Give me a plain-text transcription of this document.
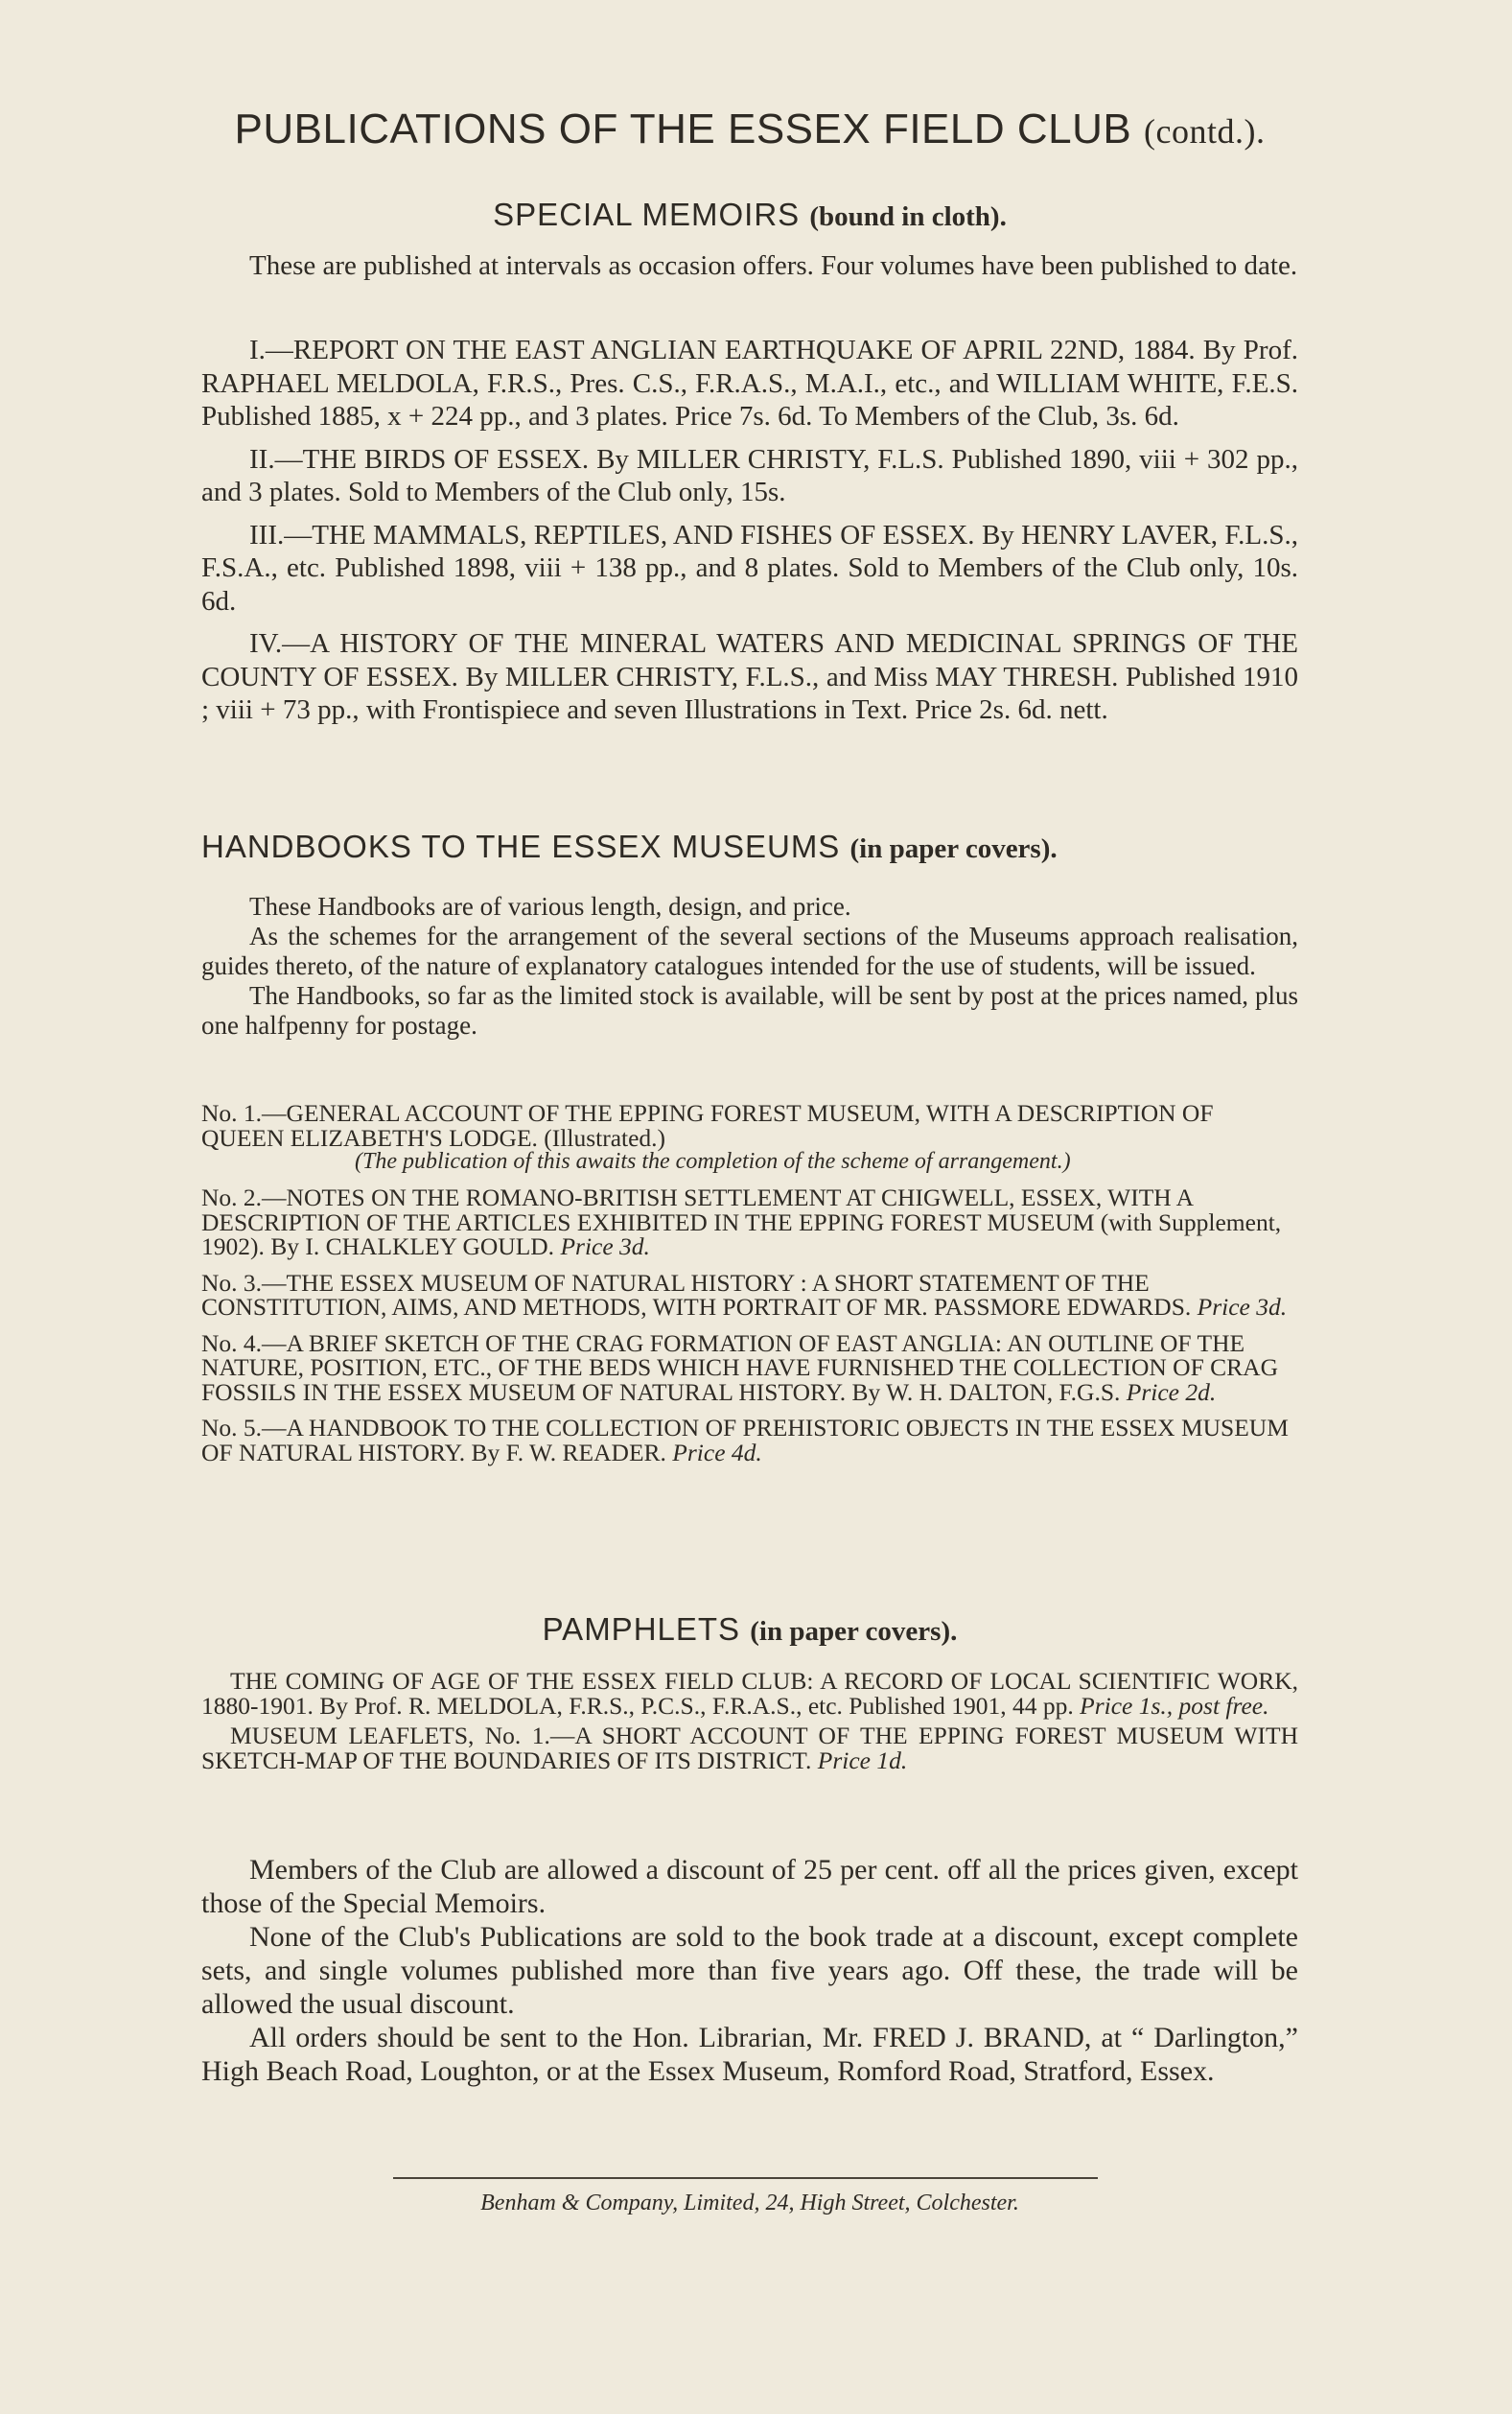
PUBLICATIONS OF THE ESSEX FIELD CLUB (contd.).
SPECIAL MEMOIRS (bound in cloth).

These are published at intervals as occasion offers. Four volumes have been published to date.

I.—REPORT ON THE EAST ANGLIAN EARTHQUAKE OF APRIL 22ND, 1884. By Prof. RAPHAEL MELDOLA, F.R.S., Pres. C.S., F.R.A.S., M.A.I., etc., and WILLIAM WHITE, F.E.S. Published 1885, x + 224 pp., and 3 plates. Price 7s. 6d. To Members of the Club, 3s. 6d.

II.—THE BIRDS OF ESSEX. By MILLER CHRISTY, F.L.S. Published 1890, viii + 302 pp., and 3 plates. Sold to Members of the Club only, 15s.

III.—THE MAMMALS, REPTILES, AND FISHES OF ESSEX. By HENRY LAVER, F.L.S., F.S.A., etc. Published 1898, viii + 138 pp., and 8 plates. Sold to Members of the Club only, 10s. 6d.

IV.—A HISTORY OF THE MINERAL WATERS AND MEDICINAL SPRINGS OF THE COUNTY OF ESSEX. By MILLER CHRISTY, F.L.S., and Miss MAY THRESH. Published 1910 ; viii + 73 pp., with Frontispiece and seven Illustrations in Text. Price 2s. 6d. nett.

HANDBOOKS TO THE ESSEX MUSEUMS (in paper covers).

These Handbooks are of various length, design, and price.

As the schemes for the arrangement of the several sections of the Museums approach realisation, guides thereto, of the nature of explanatory catalogues intended for the use of students, will be issued.

The Handbooks, so far as the limited stock is available, will be sent by post at the prices named, plus one halfpenny for postage.

No. 1.—GENERAL ACCOUNT OF THE EPPING FOREST MUSEUM, WITH A DESCRIPTION OF QUEEN ELIZABETH'S LODGE. (Illustrated.)
(The publication of this awaits the completion of the scheme of arrangement.)
No. 2.—NOTES ON THE ROMANO-BRITISH SETTLEMENT AT CHIGWELL, ESSEX, WITH A DESCRIPTION OF THE ARTICLES EXHIBITED IN THE EPPING FOREST MUSEUM (with Supplement, 1902). By I. CHALKLEY GOULD. Price 3d.
No. 3.—THE ESSEX MUSEUM OF NATURAL HISTORY : A SHORT STATEMENT OF THE CONSTITUTION, AIMS, AND METHODS, WITH PORTRAIT OF MR. PASSMORE EDWARDS. Price 3d.
No. 4.—A BRIEF SKETCH OF THE CRAG FORMATION OF EAST ANGLIA: AN OUTLINE OF THE NATURE, POSITION, ETC., OF THE BEDS WHICH HAVE FURNISHED THE COLLECTION OF CRAG FOSSILS IN THE ESSEX MUSEUM OF NATURAL HISTORY. By W. H. DALTON, F.G.S. Price 2d.
No. 5.—A HANDBOOK TO THE COLLECTION OF PREHISTORIC OBJECTS IN THE ESSEX MUSEUM OF NATURAL HISTORY. By F. W. READER. Price 4d.
PAMPHLETS (in paper covers).

THE COMING OF AGE OF THE ESSEX FIELD CLUB: A RECORD OF LOCAL SCIENTIFIC WORK, 1880-1901. By Prof. R. MELDOLA, F.R.S., P.C.S., F.R.A.S., etc. Published 1901, 44 pp. Price 1s., post free.

MUSEUM LEAFLETS, No. 1.—A SHORT ACCOUNT OF THE EPPING FOREST MUSEUM WITH SKETCH-MAP OF THE BOUNDARIES OF ITS DISTRICT. Price 1d.

Members of the Club are allowed a discount of 25 per cent. off all the prices given, except those of the Special Memoirs.

None of the Club's Publications are sold to the book trade at a discount, except complete sets, and single volumes published more than five years ago. Off these, the trade will be allowed the usual discount.

All orders should be sent to the Hon. Librarian, Mr. FRED J. BRAND, at “ Darlington,” High Beach Road, Loughton, or at the Essex Museum, Romford Road, Stratford, Essex.

Benham & Company, Limited, 24, High Street, Colchester.
